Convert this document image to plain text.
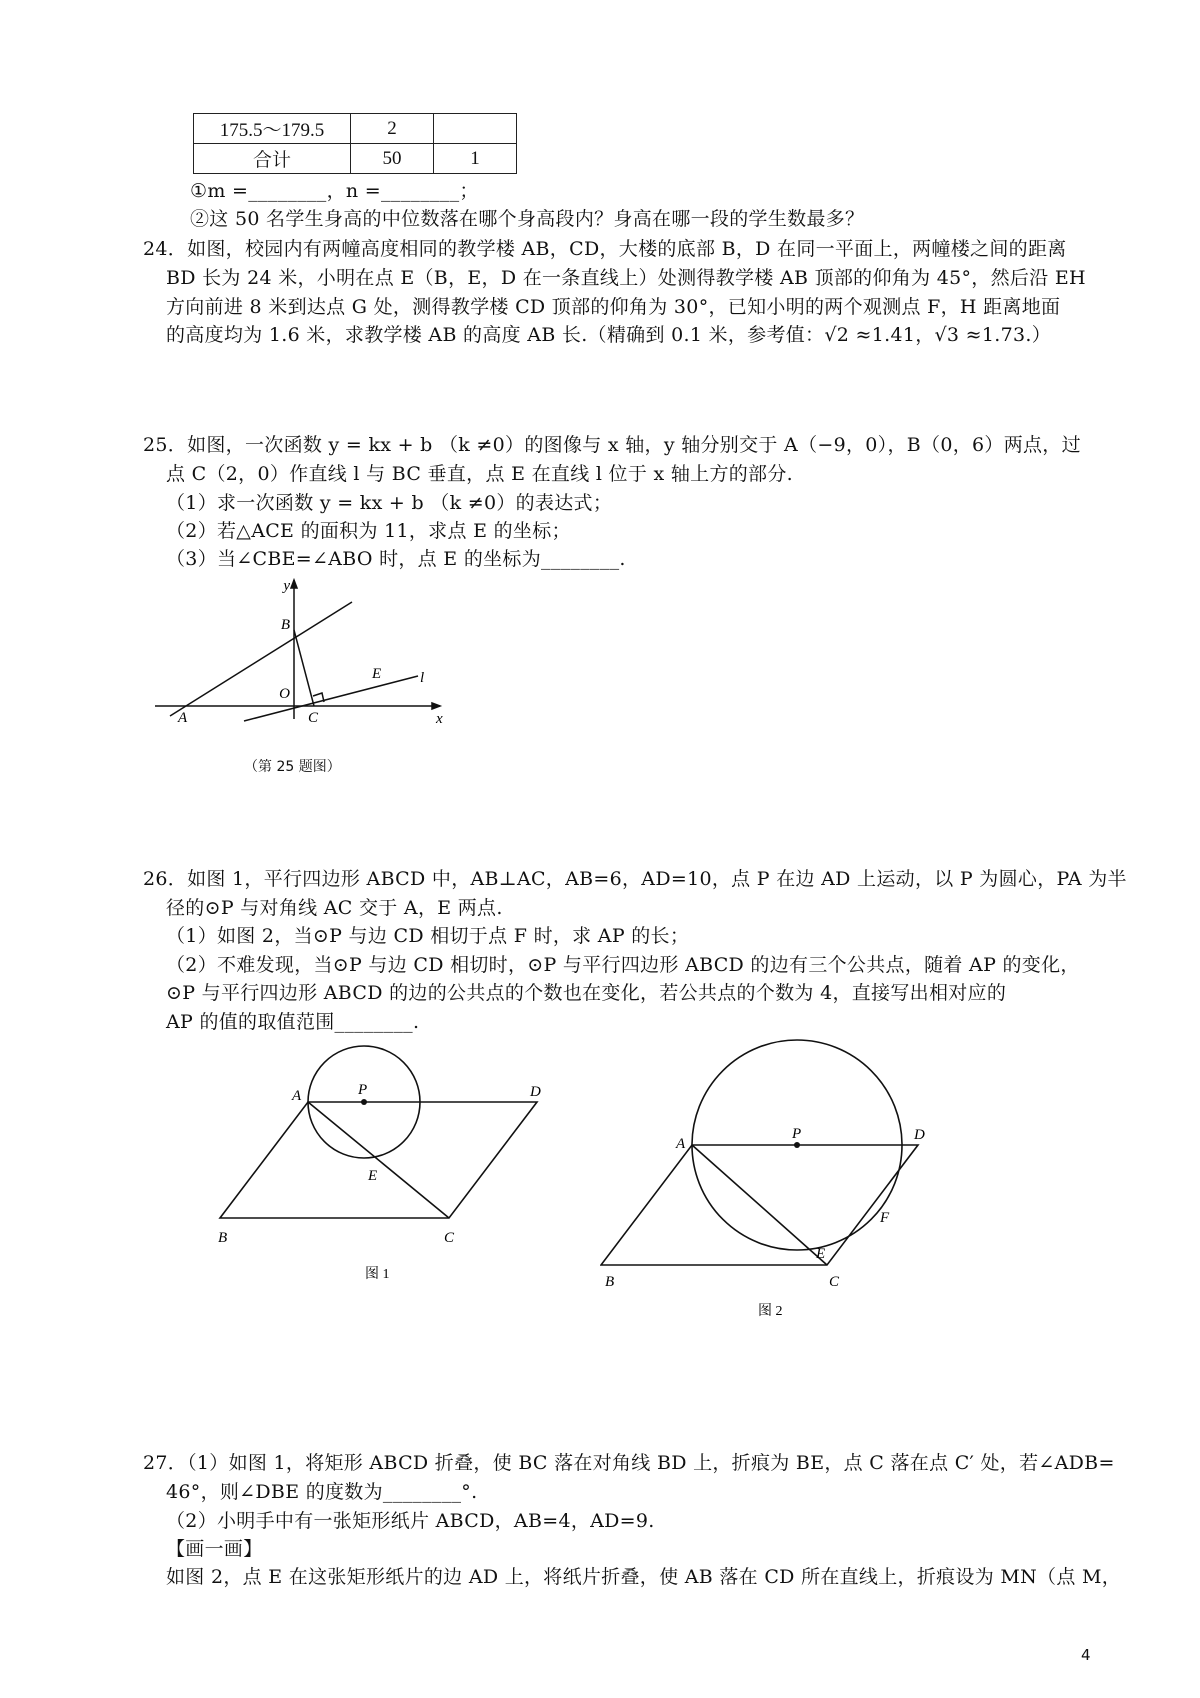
175.5～179.5	2	
合计	50	1
①m =________，n =________；
②这 50 名学生身高的中位数落在哪个身高段内？身高在哪一段的学生数最多？
24．如图，校园内有两幢高度相同的教学楼 AB，CD，大楼的底部 B，D 在同一平面上，两幢楼之间的距离
BD 长为 24 米，小明在点 E（B，E，D 在一条直线上）处测得教学楼 AB 顶部的仰角为 45°，然后沿 EH
方向前进 8 米到达点 G 处，测得教学楼 CD 顶部的仰角为 30°，已知小明的两个观测点 F，H 距离地面
的高度均为 1.6 米，求教学楼 AB 的高度 AB 长.（精确到 0.1 米，参考值：√2 ≈1.41，√3 ≈1.73.）
25．如图，一次函数 y = kx + b （k ≠0）的图像与 x 轴，y 轴分别交于 A（−9，0），B（0，6）两点，过
点 C（2，0）作直线 l 与 BC 垂直，点 E 在直线 l 位于 x 轴上方的部分.
（1）求一次函数 y = kx + b （k ≠0）的表达式；
（2）若△ACE 的面积为 11，求点 E 的坐标；
（3）当∠CBE=∠ABO 时，点 E 的坐标为________.
y
B
O
A	C
E	l
x
（第 25 题图）
26．如图 1，平行四边形 ABCD 中，AB⊥AC，AB=6，AD=10，点 P 在边 AD 上运动，以 P 为圆心，PA 为半
径的⊙P 与对角线 AC 交于 A，E 两点.
（1）如图 2，当⊙P 与边 CD 相切于点 F 时，求 AP 的长；
（2）不难发现，当⊙P 与边 CD 相切时，⊙P 与平行四边形 ABCD 的边有三个公共点，随着 AP 的变化，
⊙P 与平行四边形 ABCD 的边的公共点的个数也在变化，若公共点的个数为 4，直接写出相对应的
AP 的值的取值范围________.
A	P	D
E
B	C
图 1
A
P	D
E
F
B	C
图 2
27．（1）如图 1，将矩形 ABCD 折叠，使 BC 落在对角线 BD 上，折痕为 BE，点 C 落在点 C′ 处，若∠ADB=
46°，则∠DBE 的度数为________°.
（2）小明手中有一张矩形纸片 ABCD，AB=4，AD=9.
【画一画】
如图 2，点 E 在这张矩形纸片的边 AD 上，将纸片折叠，使 AB 落在 CD 所在直线上，折痕设为 MN（点 M，
4
